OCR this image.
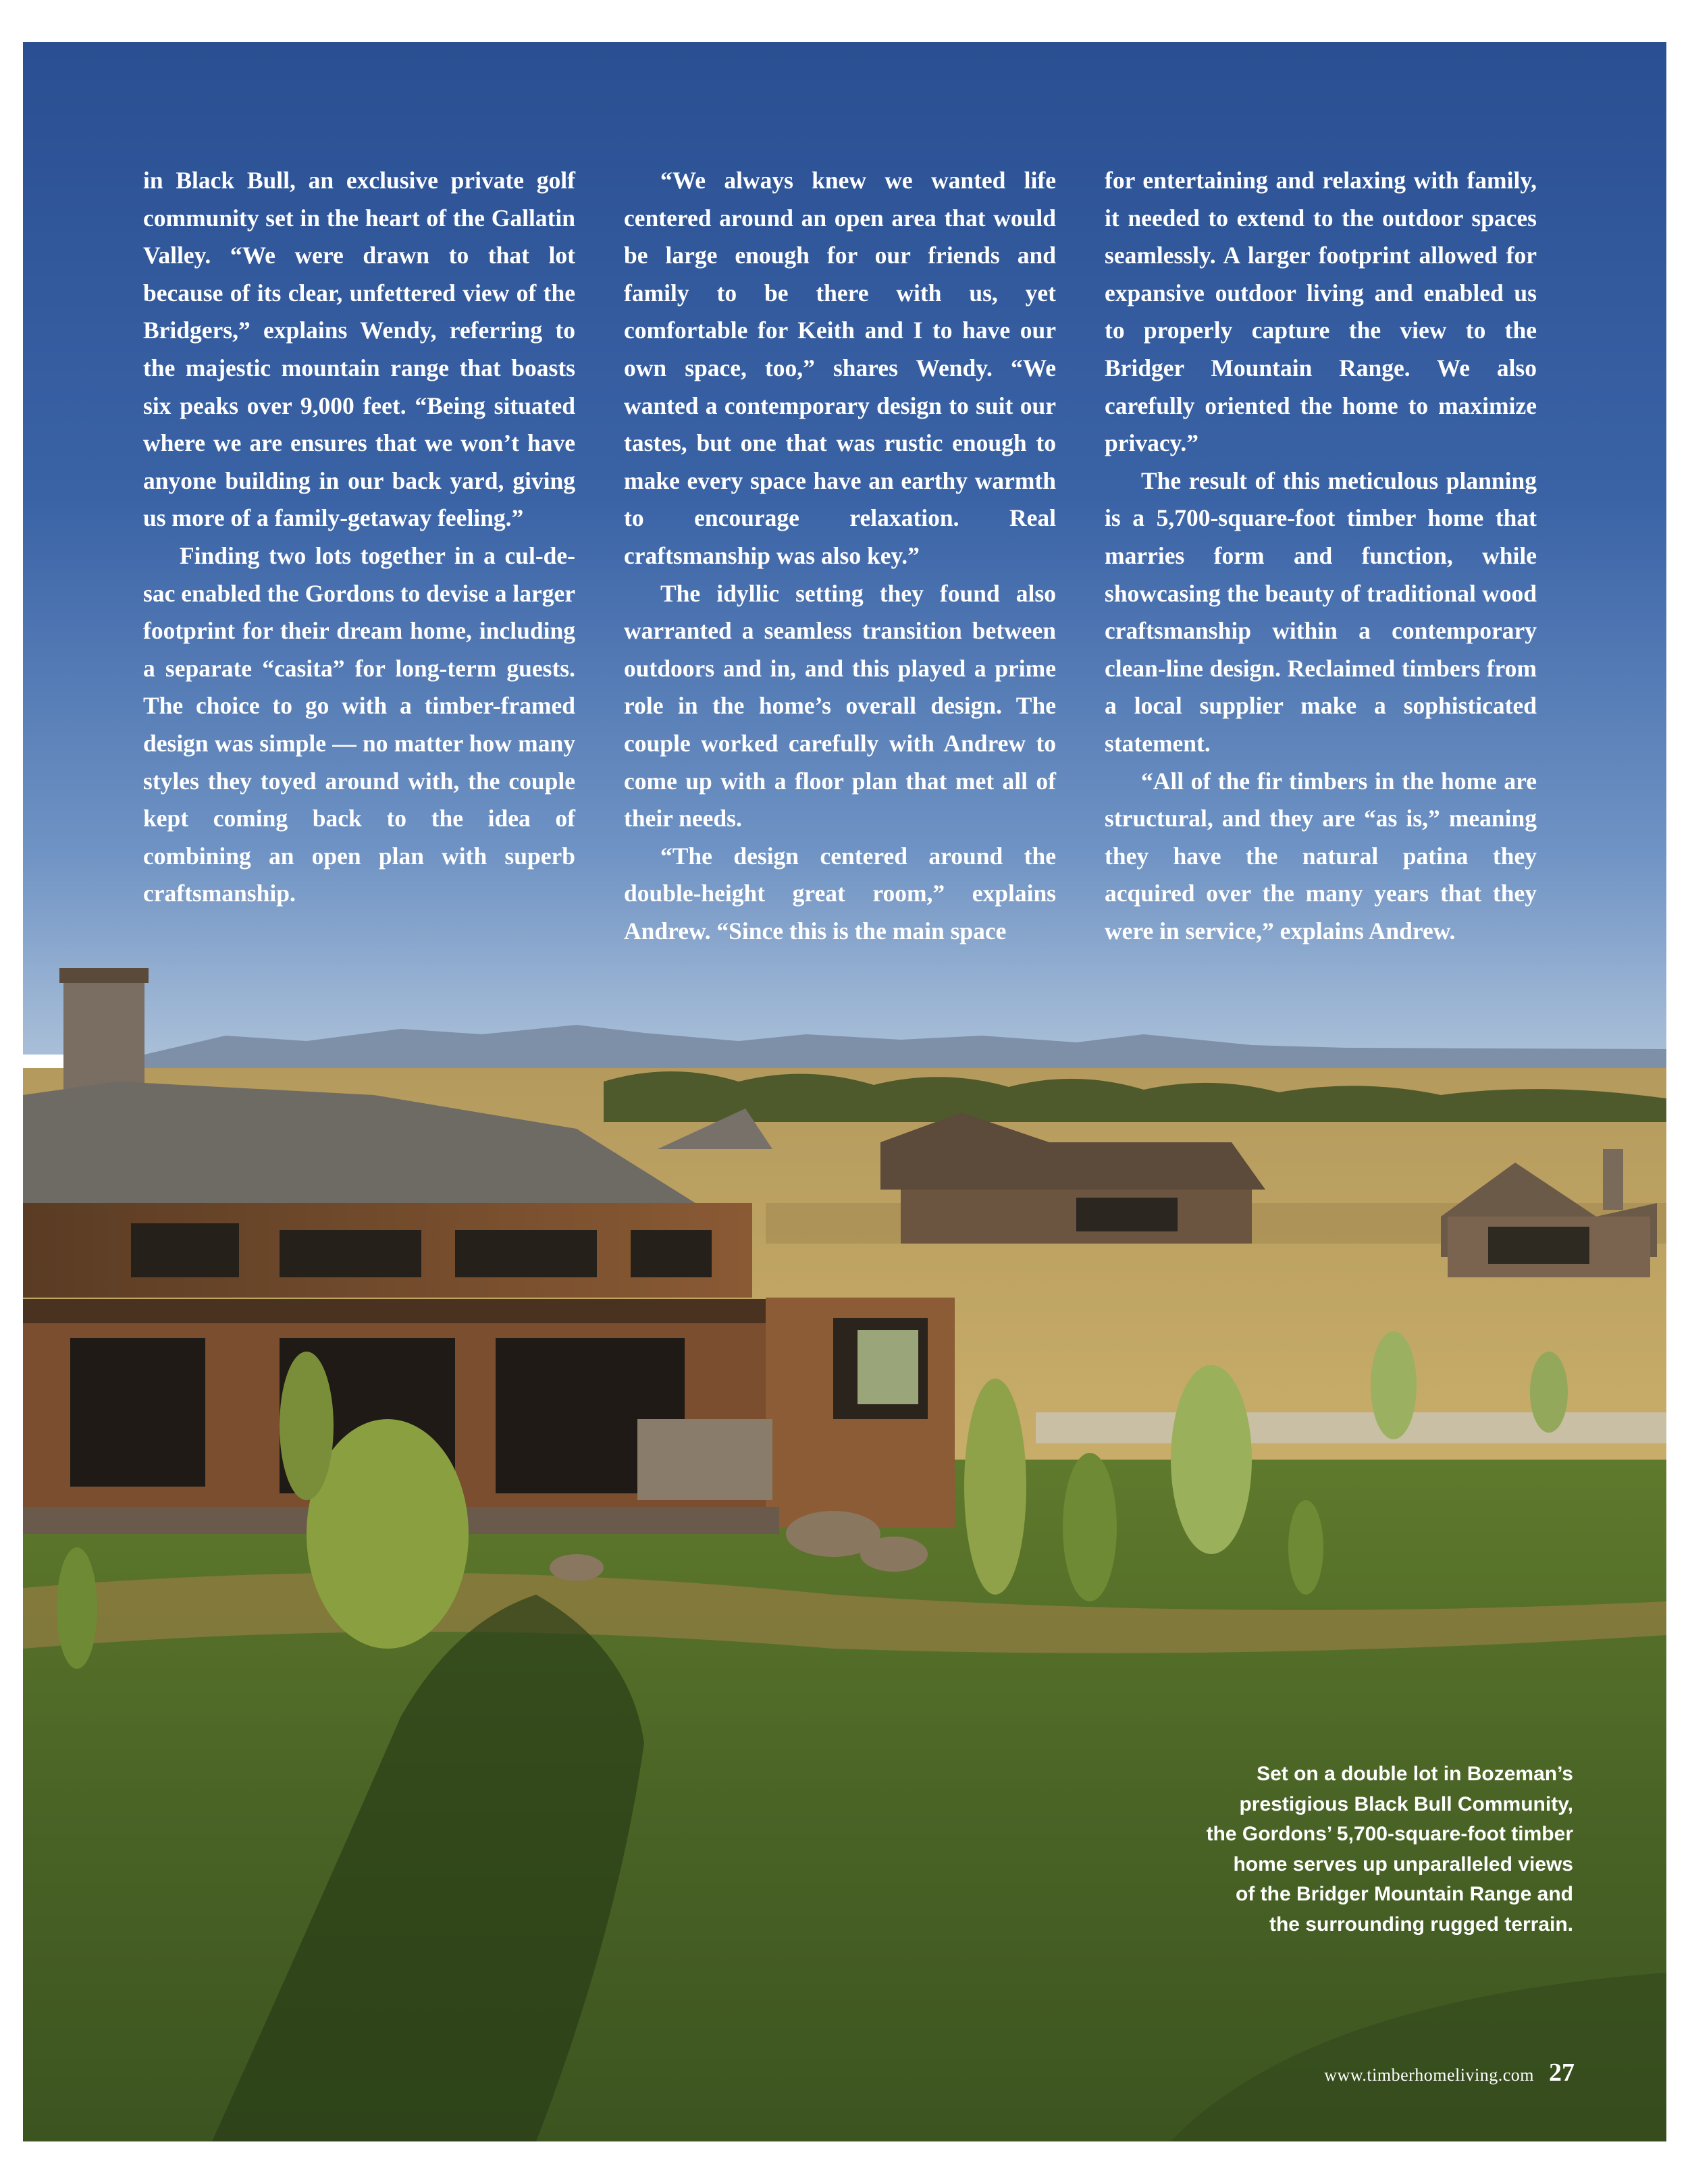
in Black Bull, an exclusive private golf community set in the heart of the Gallatin Valley. “We were drawn to that lot because of its clear, unfettered view of the Bridgers,” explains Wendy, referring to the majestic mountain range that boasts six peaks over 9,000 feet. “Being situated where we are ensures that we won’t have anyone building in our back yard, giving us more of a family-getaway feeling.”

Finding two lots together in a cul-de-sac enabled the Gordons to devise a larger footprint for their dream home, including a separate “casita” for long-term guests. The choice to go with a timber-framed design was simple — no matter how many styles they toyed around with, the couple kept coming back to the idea of combining an open plan with superb craftsmanship.

“We always knew we wanted life centered around an open area that would be large enough for our friends and family to be there with us, yet comfortable for Keith and I to have our own space, too,” shares Wendy. “We wanted a contemporary design to suit our tastes, but one that was rustic enough to make every space have an earthy warmth to encourage relaxation. Real craftsmanship was also key.”

The idyllic setting they found also warranted a seamless transition between outdoors and in, and this played a prime role in the home’s overall design. The couple worked carefully with Andrew to come up with a floor plan that met all of their needs.

“The design centered around the double-height great room,” explains Andrew. “Since this is the main space

for entertaining and relaxing with family, it needed to extend to the outdoor spaces seamlessly. A larger footprint allowed for expansive outdoor living and enabled us to properly capture the view to the Bridger Mountain Range. We also carefully oriented the home to maximize privacy.”

The result of this meticulous planning is a 5,700-square-foot timber home that marries form and function, while showcasing the beauty of traditional wood craftsmanship within a contemporary clean-line design. Reclaimed timbers from a local supplier make a sophisticated statement.

“All of the fir timbers in the home are structural, and they are “as is,” meaning they have the natural patina they acquired over the many years that they were in service,” explains Andrew.

Set on a double lot in Bozeman’s

prestigious Black Bull Community,

the Gordons’ 5,700-square-foot timber

home serves up unparalleled views

of the Bridger Mountain Range and

the surrounding rugged terrain.

www.timberhomeliving.com 27
